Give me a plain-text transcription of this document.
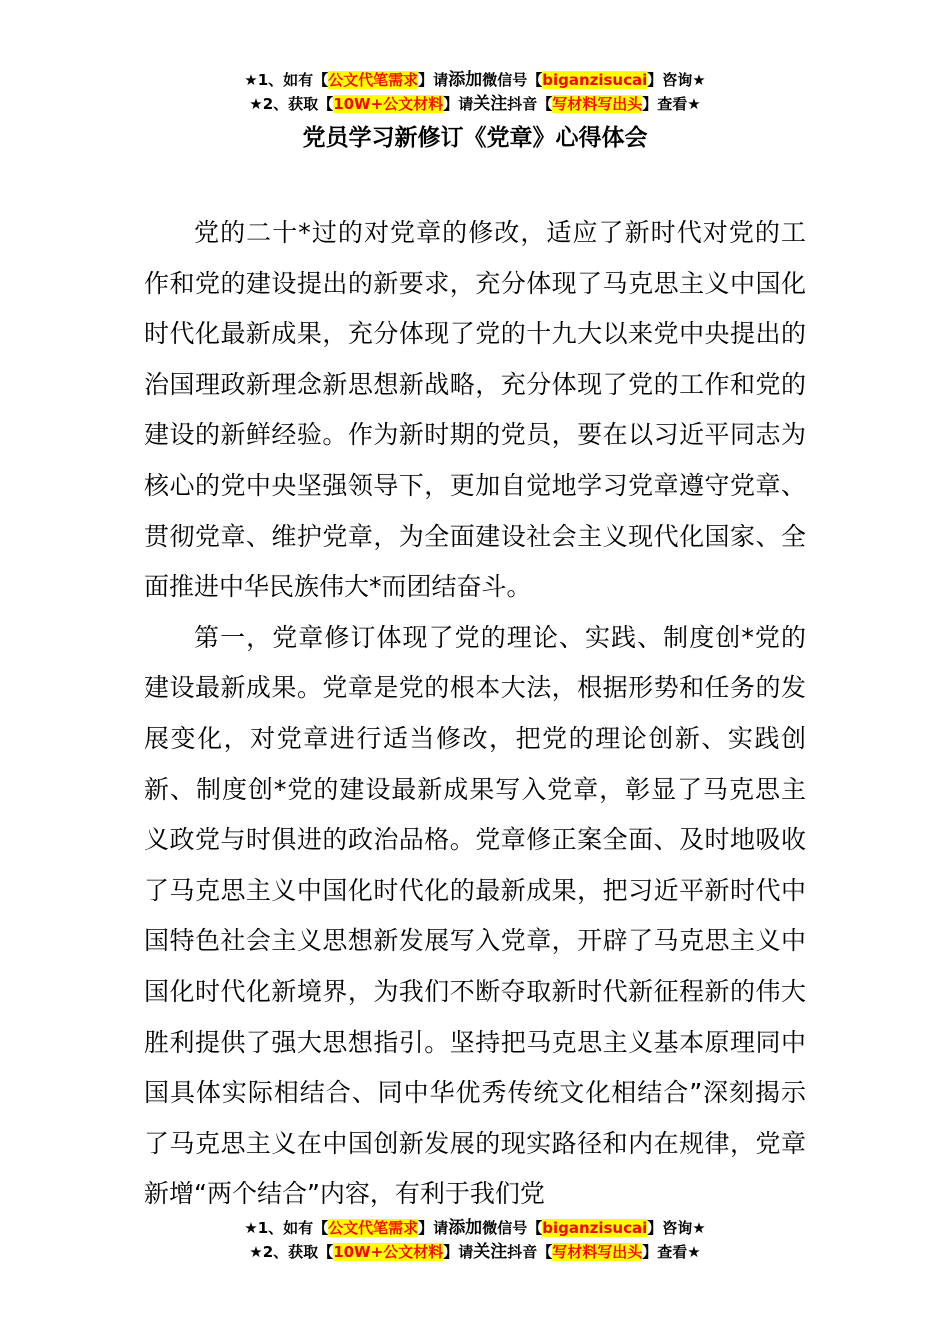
★1、如有【公文代笔需求】请添加微信号【biganzisucai】咨询★
★2、获取【10W+公文材料】请关注抖音【写材料写出头】查看★
党员学习新修订《党章》心得体会

党的二十*过的对党章的修改，适应了新时代对党的工作和党的建设提出的新要求，充分体现了马克思主义中国化时代化最新成果，充分体现了党的十九大以来党中央提出的治国理政新理念新思想新战略，充分体现了党的工作和党的建设的新鲜经验。作为新时期的党员，要在以习近平同志为核心的党中央坚强领导下，更加自觉地学习党章遵守党章、贯彻党章、维护党章，为全面建设社会主义现代化国家、全面推进中华民族伟大*而团结奋斗。

第一，党章修订体现了党的理论、实践、制度创*党的建设最新成果。党章是党的根本大法，根据形势和任务的发展变化，对党章进行适当修改，把党的理论创新、实践创新、制度创*党的建设最新成果写入党章，彰显了马克思主义政党与时俱进的政治品格。党章修正案全面、及时地吸收了马克思主义中国化时代化的最新成果，把习近平新时代中国特色社会主义思想新发展写入党章，开辟了马克思主义中国化时代化新境界，为我们不断夺取新时代新征程新的伟大胜利提供了强大思想指引。坚持把马克思主义基本原理同中国具体实际相结合、同中华优秀传统文化相结合”深刻揭示了马克思主义在中国创新发展的现实路径和内在规律，党章新增“两个结合”内容，有利于我们党

★1、如有【公文代笔需求】请添加微信号【biganzisucai】咨询★
★2、获取【10W+公文材料】请关注抖音【写材料写出头】查看★
